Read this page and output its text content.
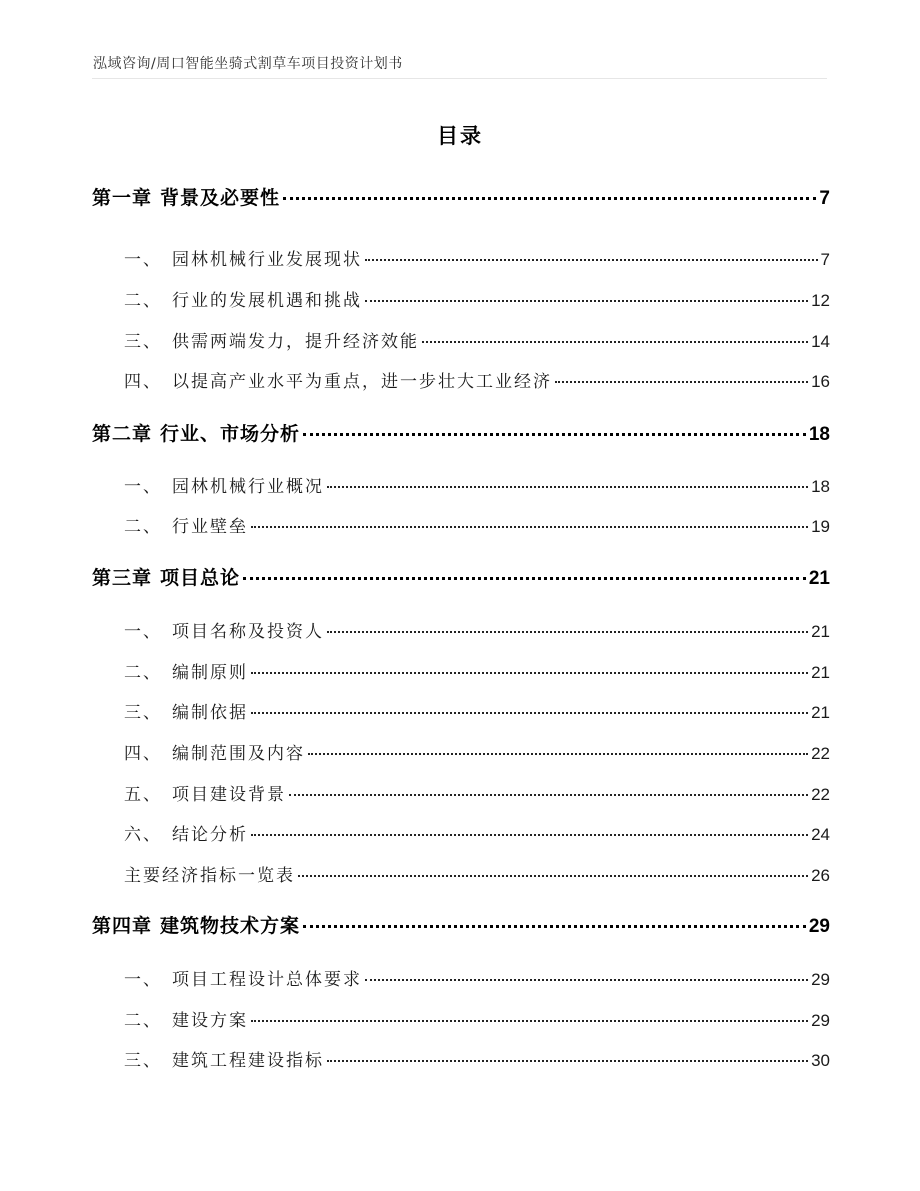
泓域咨询/周口智能坐骑式割草车项目投资计划书
目录
第一章 背景及必要性	7
一、 园林机械行业发展现状	7
二、 行业的发展机遇和挑战	12
三、 供需两端发力，提升经济效能	14
四、 以提高产业水平为重点，进一步壮大工业经济	16
第二章 行业、市场分析	18
一、 园林机械行业概况	18
二、 行业壁垒	19
第三章 项目总论	21
一、 项目名称及投资人	21
二、 编制原则	21
三、 编制依据	21
四、 编制范围及内容	22
五、 项目建设背景	22
六、 结论分析	24
主要经济指标一览表	26
第四章 建筑物技术方案	29
一、 项目工程设计总体要求	29
二、 建设方案	29
三、 建筑工程建设指标	30
